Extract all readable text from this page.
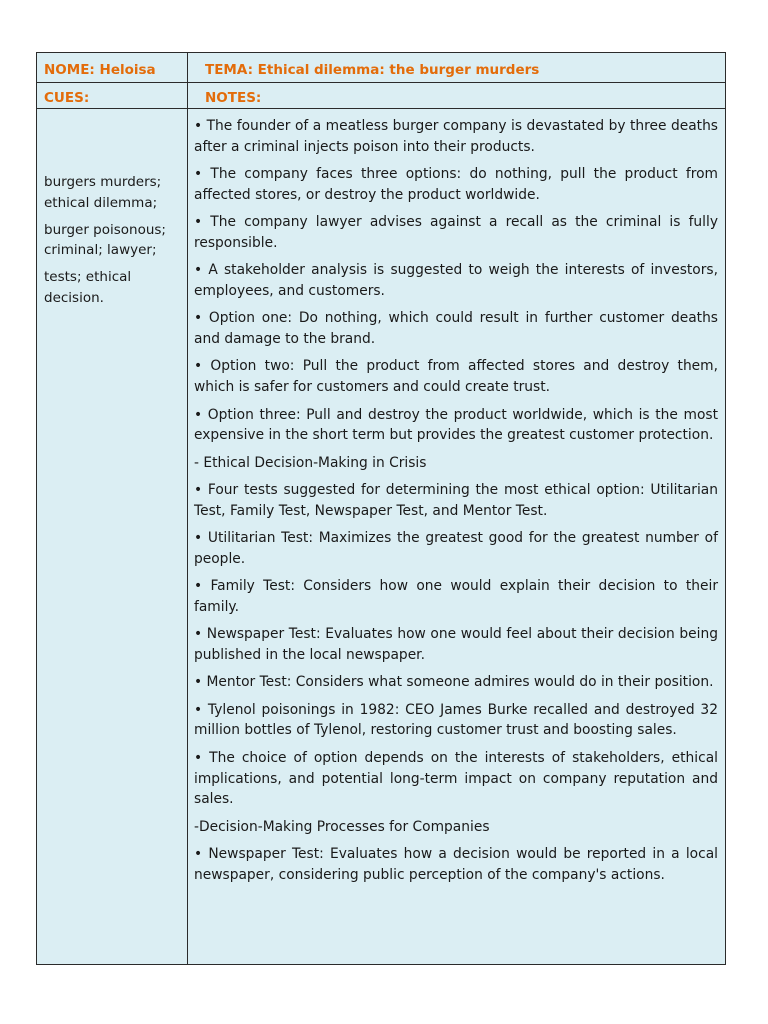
NOME: Heloisa	TEMA: Ethical dilemma: the burger murders
CUES:	NOTES:

burgers murders; ethical dilemma;

burger poisonous; criminal; lawyer;

tests; ethical decision.

• The founder of a meatless burger company is devastated by three deaths after a criminal injects poison into their products.

• The company faces three options: do nothing, pull the product from affected stores, or destroy the product worldwide.

• The company lawyer advises against a recall as the criminal is fully responsible.

• A stakeholder analysis is suggested to weigh the interests of investors, employees, and customers.

• Option one: Do nothing, which could result in further customer deaths and damage to the brand.

• Option two: Pull the product from affected stores and destroy them, which is safer for customers and could create trust.

• Option three: Pull and destroy the product worldwide, which is the most expensive in the short term but provides the greatest customer protection.

- Ethical Decision-Making in Crisis

• Four tests suggested for determining the most ethical option: Utilitarian Test, Family Test, Newspaper Test, and Mentor Test.

• Utilitarian Test: Maximizes the greatest good for the greatest number of people.

• Family Test: Considers how one would explain their decision to their family.

• Newspaper Test: Evaluates how one would feel about their decision being published in the local newspaper.

• Mentor Test: Considers what someone admires would do in their position.

• Tylenol poisonings in 1982: CEO James Burke recalled and destroyed 32 million bottles of Tylenol, restoring customer trust and boosting sales.

• The choice of option depends on the interests of stakeholders, ethical implications, and potential long-term impact on company reputation and sales.

-Decision-Making Processes for Companies

• Newspaper Test: Evaluates how a decision would be reported in a local newspaper, considering public perception of the company's actions.
